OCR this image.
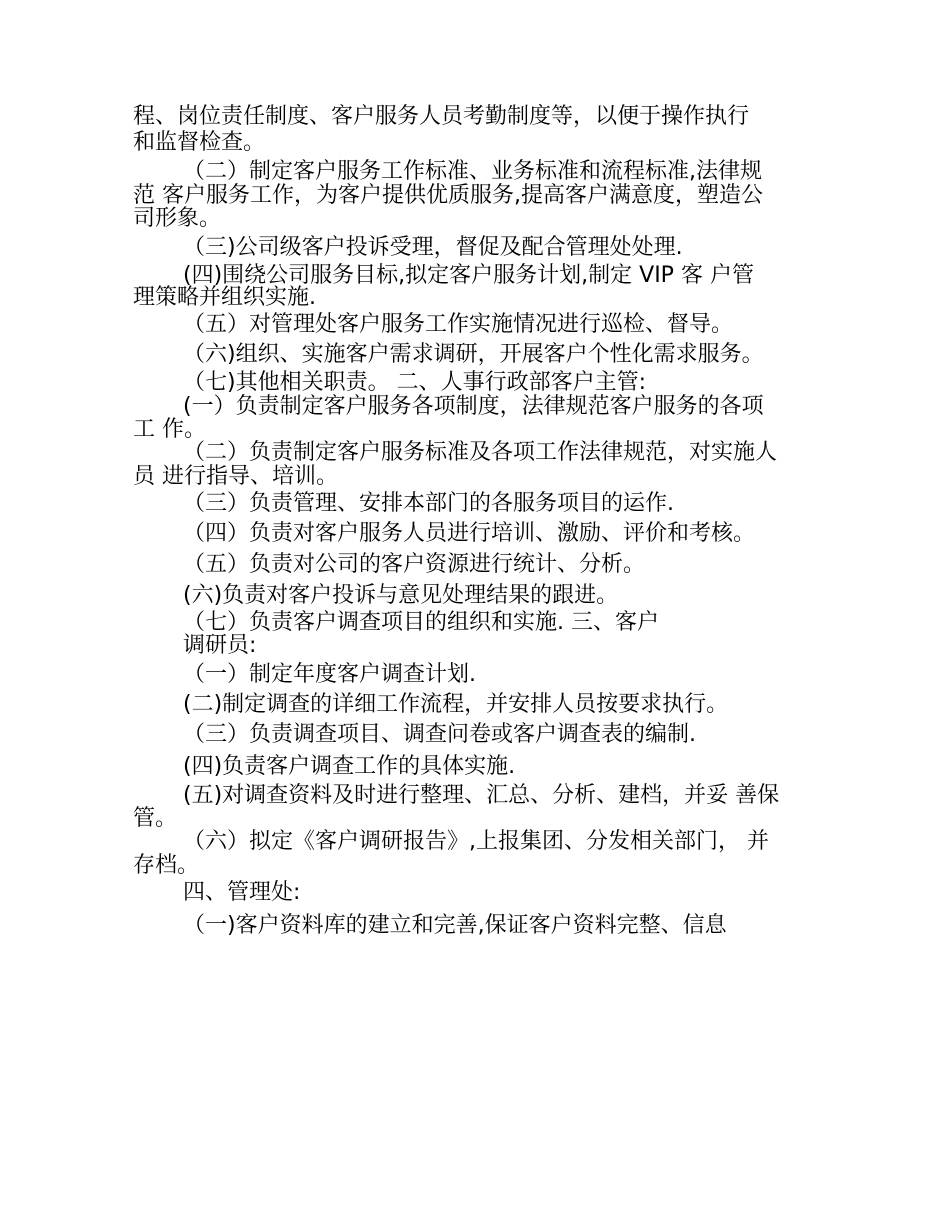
程、岗位责任制度、客户服务人员考勤制度等，以便于操作执行
和监督检查。
（二）制定客户服务工作标准、业务标准和流程标准,法律规
范 客户服务工作，为客户提供优质服务,提高客户满意度，塑造公
司形象。
（三)公司级客户投诉受理，督促及配合管理处处理.
(四)围绕公司服务目标,拟定客户服务计划,制定 VIP 客 户管
理策略并组织实施.
（五）对管理处客户服务工作实施情况进行巡检、督导。
（六)组织、实施客户需求调研，开展客户个性化需求服务。
（七)其他相关职责。 二、人事行政部客户主管:
(一）负责制定客户服务各项制度，法律规范客户服务的各项
工 作。
（二）负责制定客户服务标准及各项工作法律规范，对实施人
员 进行指导、培训。
（三）负责管理、安排本部门的各服务项目的运作.
（四）负责对客户服务人员进行培训、激励、评价和考核。
（五）负责对公司的客户资源进行统计、分析。
(六)负责对客户投诉与意见处理结果的跟进。
（七）负责客户调查项目的组织和实施. 三、客户
调研员:
（一）制定年度客户调查计划.
(二)制定调查的详细工作流程，并安排人员按要求执行。
（三）负责调查项目、调查问卷或客户调查表的编制.
(四)负责客户调查工作的具体实施.
(五)对调查资料及时进行整理、汇总、分析、建档，并妥 善保
管。
（六）拟定《客户调研报告》,上报集团、分发相关部门， 并
存档。
四、管理处:
（一)客户资料库的建立和完善,保证客户资料完整、信息
